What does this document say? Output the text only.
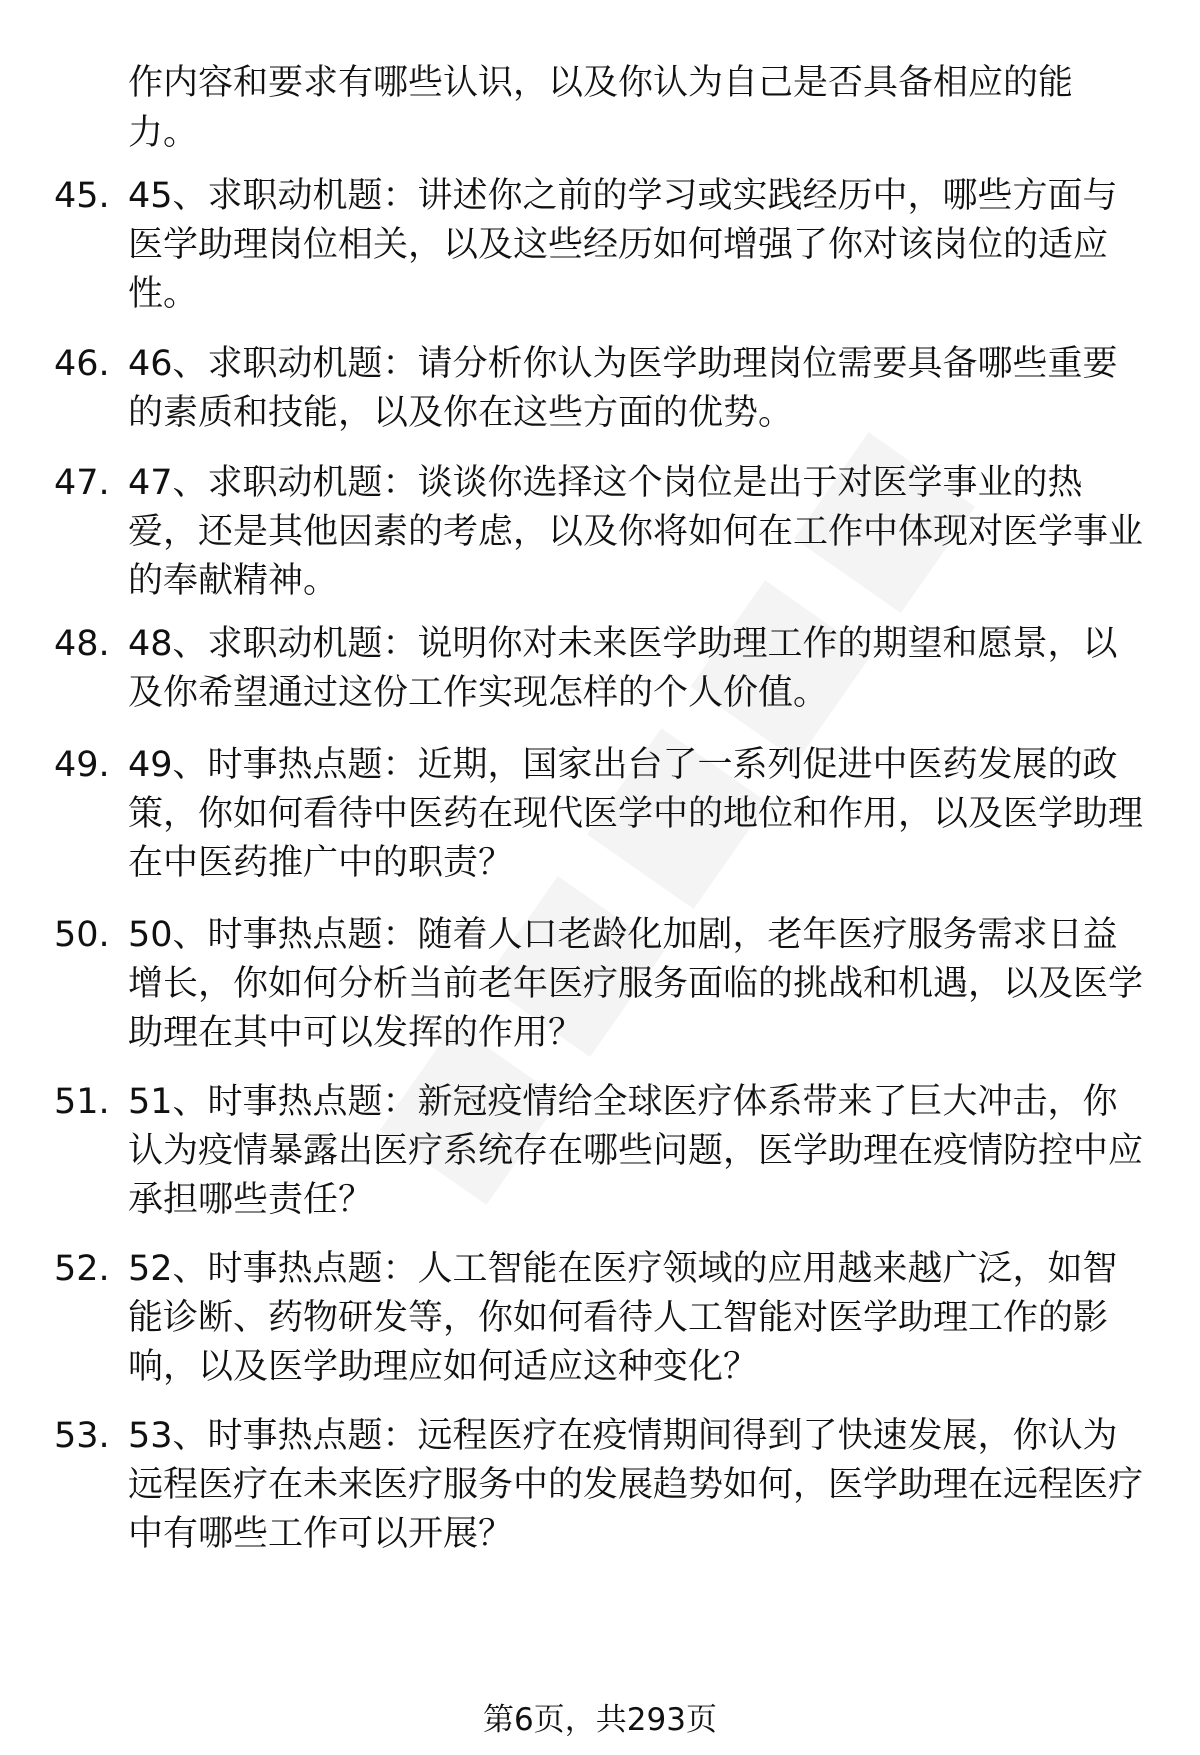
作内容和要求有哪些认识，以及你认为自己是否具备相应的能力。
45. 45、求职动机题：讲述你之前的学习或实践经历中，哪些方面与医学助理岗位相关，以及这些经历如何增强了你对该岗位的适应性。
46. 46、求职动机题：请分析你认为医学助理岗位需要具备哪些重要的素质和技能，以及你在这些方面的优势。
47. 47、求职动机题：谈谈你选择这个岗位是出于对医学事业的热爱，还是其他因素的考虑，以及你将如何在工作中体现对医学事业的奉献精神。
48. 48、求职动机题：说明你对未来医学助理工作的期望和愿景，以及你希望通过这份工作实现怎样的个人价值。
49. 49、时事热点题：近期，国家出台了一系列促进中医药发展的政策，你如何看待中医药在现代医学中的地位和作用，以及医学助理在中医药推广中的职责？
50. 50、时事热点题：随着人口老龄化加剧，老年医疗服务需求日益增长，你如何分析当前老年医疗服务面临的挑战和机遇，以及医学助理在其中可以发挥的作用？
51. 51、时事热点题：新冠疫情给全球医疗体系带来了巨大冲击，你认为疫情暴露出医疗系统存在哪些问题，医学助理在疫情防控中应承担哪些责任？
52. 52、时事热点题：人工智能在医疗领域的应用越来越广泛，如智能诊断、药物研发等，你如何看待人工智能对医学助理工作的影响，以及医学助理应如何适应这种变化？
53. 53、时事热点题：远程医疗在疫情期间得到了快速发展，你认为远程医疗在未来医疗服务中的发展趋势如何，医学助理在远程医疗中有哪些工作可以开展？
第6页，共293页
